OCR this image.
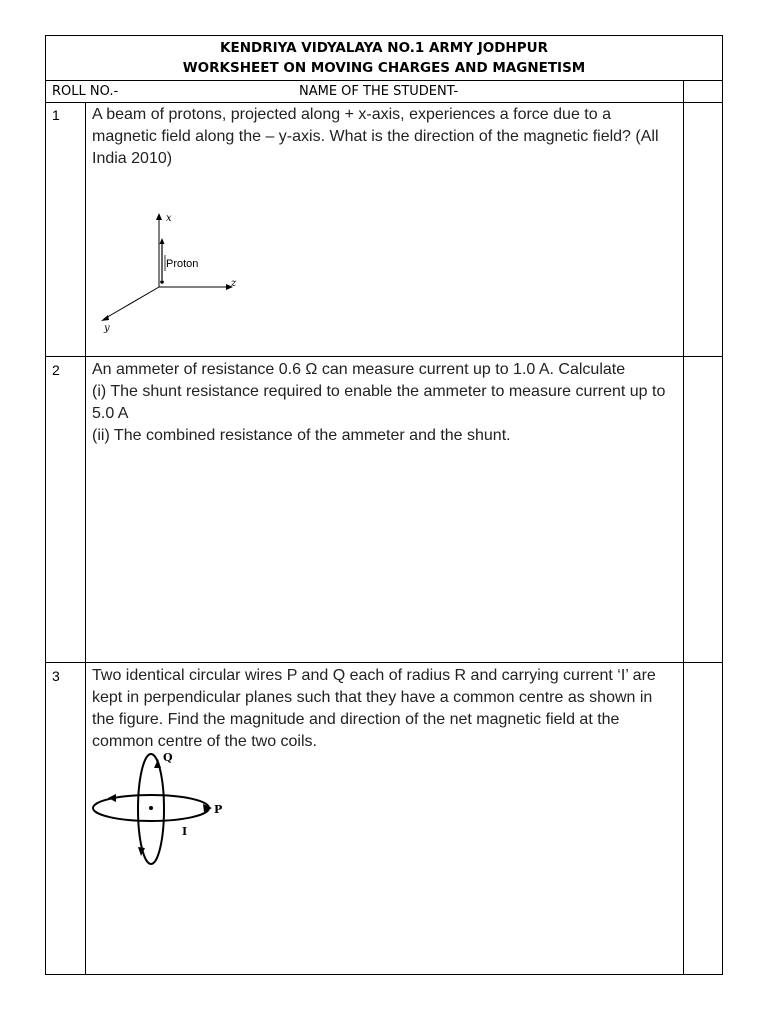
KENDRIYA VIDYALAYA NO.1 ARMY JODHPUR
WORKSHEET ON MOVING CHARGES AND MAGNETISM
ROLL NO.-	NAME OF THE STUDENT-
1 A beam of protons, projected along + x-axis, experiences a force due to a magnetic field along the – y-axis. What is the direction of the magnetic field? (All India 2010)
x
z
y
Proton
2 An ammeter of resistance 0.6 Ω can measure current up to 1.0 A. Calculate

(i) The shunt resistance required to enable the ammeter to measure current up to 5.0 A

(ii) The combined resistance of the ammeter and the shunt.

3 Two identical circular wires P and Q each of radius R and carrying current ‘I’ are kept in perpendicular planes such that they have a common centre as shown in the figure. Find the magnitude and direction of the net magnetic field at the common centre of the two coils.
Q
P
I
